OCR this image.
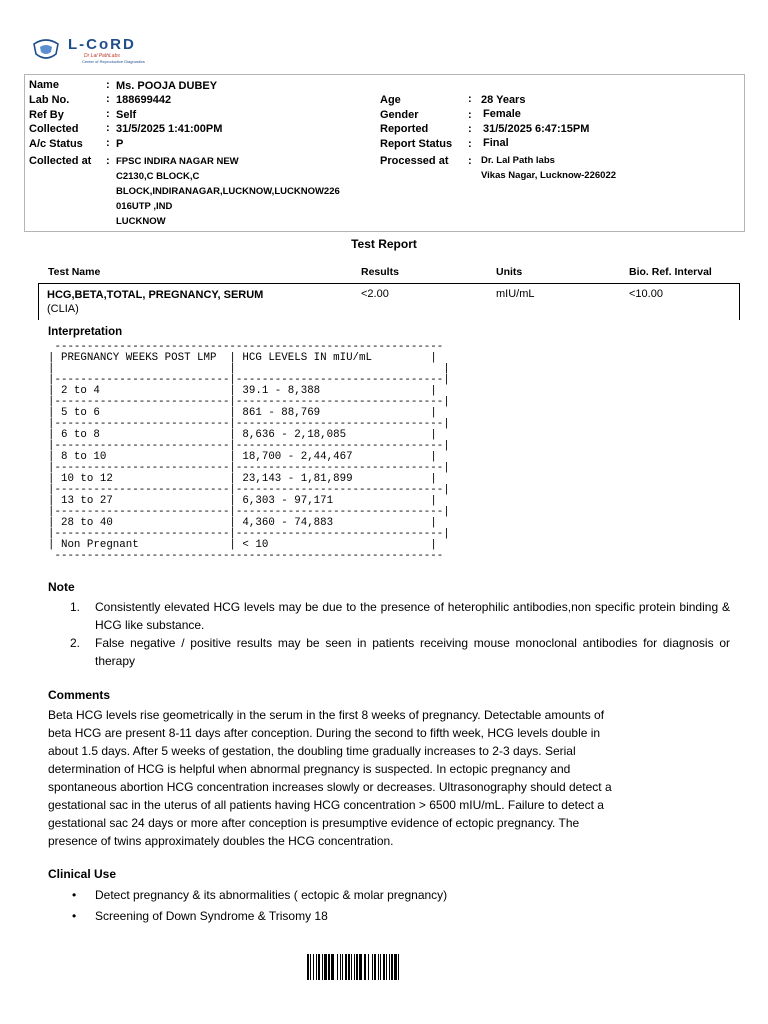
L-CoRD
Dr Lal PathLabs
Center of Reproductive Diagnostics
Name	: Ms. POOJA DUBEY
Lab No.	: 188699442
Ref By	: Self
Collected : 31/5/2025 1:41:00PM
A/c Status : P
Collected at : FPSC INDIRA NAGAR NEW
C2130,C BLOCK,C
BLOCK,INDIRANAGAR,LUCKNOW,LUCKNOW226
016UTP ,IND
LUCKNOW
Age	: 28 Years
Gender	: Female
Reported	: 31/5/2025 6:47:15PM
Report Status : Final
Processed at : Dr. Lal Path labs
Vikas Nagar, Lucknow-226022
Test Report
Test Name	Results	Units	Bio. Ref. Interval
HCG,BETA,TOTAL, PREGNANCY, SERUM
(CLIA)
<2.00	mIU/mL	<10.00
Interpretation
------------------------------------------------------------
| PREGNANCY WEEKS POST LMP  | HCG LEVELS IN mIU/mL         |
|                           |                                |
|---------------------------|--------------------------------|
| 2 to 4                    | 39.1 - 8,388                 |
|---------------------------|--------------------------------|
| 5 to 6                    | 861 - 88,769                 |
|---------------------------|--------------------------------|
| 6 to 8                    | 8,636 - 2,18,085             |
|---------------------------|--------------------------------|
| 8 to 10                   | 18,700 - 2,44,467            |
|---------------------------|--------------------------------|
| 10 to 12                  | 23,143 - 1,81,899            |
|---------------------------|--------------------------------|
| 13 to 27                  | 6,303 - 97,171               |
|---------------------------|--------------------------------|
| 28 to 40                  | 4,360 - 74,883               |
|---------------------------|--------------------------------|
| Non Pregnant              | < 10                         |
------------------------------------------------------------
Note
1. Consistently elevated HCG levels may be due to the presence of heterophilic antibodies,non specific protein binding & HCG like substance.
2. False negative / positive results may be seen in patients receiving mouse monoclonal antibodies for diagnosis or therapy
Comments
Beta HCG levels rise geometrically in the serum in the first 8 weeks of pregnancy. Detectable amounts of
beta HCG are present 8-11 days after conception. During the second to fifth week, HCG levels double in
about 1.5 days. After 5 weeks of gestation, the doubling time gradually increases to 2-3 days. Serial
determination of HCG is helpful when abnormal pregnancy is suspected. In ectopic pregnancy and
spontaneous abortion HCG concentration increases slowly or decreases. Ultrasonography should detect a
gestational sac in the uterus of all patients having HCG concentration > 6500 mIU/mL. Failure to detect a
gestational sac 24 days or more after conception is presumptive evidence of ectopic pregnancy. The
presence of twins approximately doubles the HCG concentration.
Clinical Use
• Detect pregnancy & its abnormalities ( ectopic & molar pregnancy)
• Screening of Down Syndrome & Trisomy 18
